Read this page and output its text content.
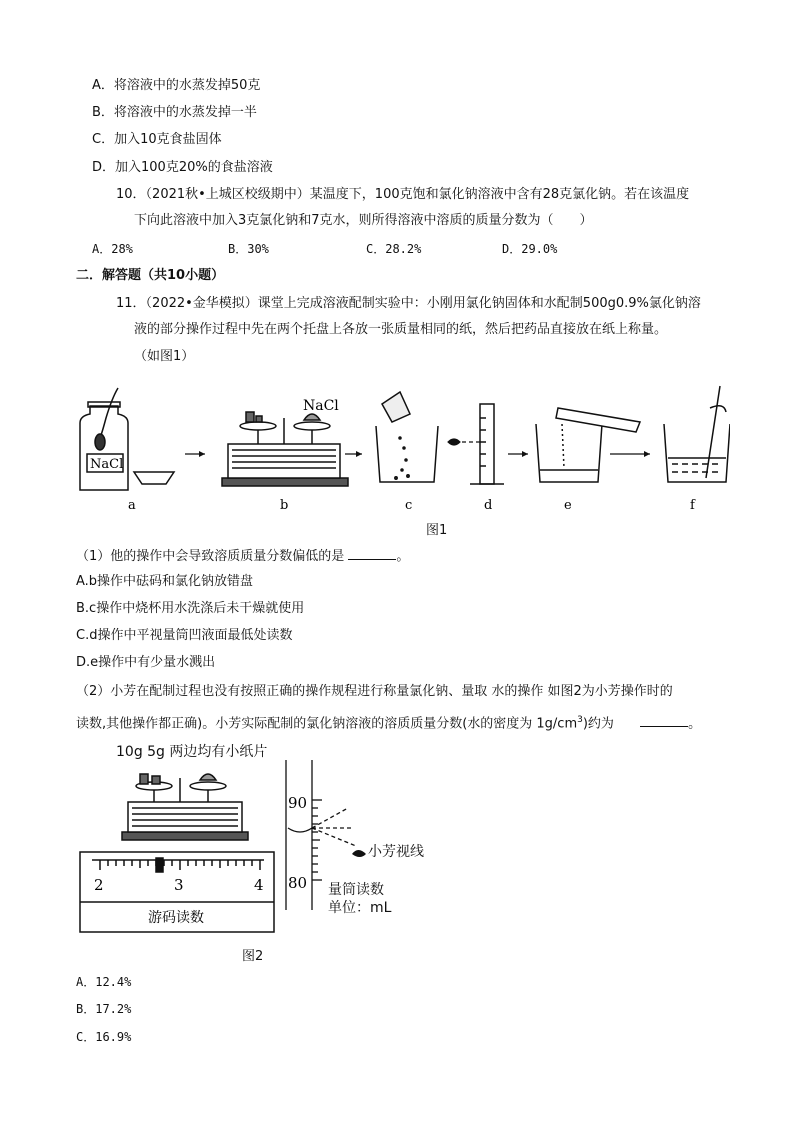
A．将溶液中的水蒸发掉50克
B．将溶液中的水蒸发掉一半
C．加入10克食盐固体
D．加入100克20%的食盐溶液
10．（2021秋•上城区校级期中）某温度下，100克饱和氯化钠溶液中含有28克氯化钠。若在该温度
下向此溶液中加入3克氯化钠和7克水，则所得溶液中溶质的质量分数为（　　）
A．28%	B．30%	C．28.2%	D．29.0%
二．解答题（共10小题）
11．（2022•金华模拟）课堂上完成溶液配制实验中：小刚用氯化钠固体和水配制500g0.9%氯化钠溶
液的部分操作过程中先在两个托盘上各放一张质量相同的纸，然后把药品直接放在纸上称量。
（如图1）
NaCl
a
NaCl
b	c	d	e	f
图1
（1）他的操作中会导致溶质质量分数偏低的是	。
A.b操作中砝码和氯化钠放错盘
B.c操作中烧杯用水洗涤后未干燥就使用
C.d操作中平视量筒凹液面最低处读数
D.e操作中有少量水溅出
（2）小芳在配制过程也没有按照正确的操作规程进行称量氯化钠、量取 水的操作 如图2为小芳操作时的
读数,其他操作都正确)。小芳实际配制的氯化钠溶液的溶质质量分数(水的密度为 $1g/cm^3$)约为	。
10g 5g 两边均有小纸片
2	3	4
游码读数
90
80
小芳视线
量筒读数
单位：mL
图2
A．12.4%
B．17.2%
C．16.9%
